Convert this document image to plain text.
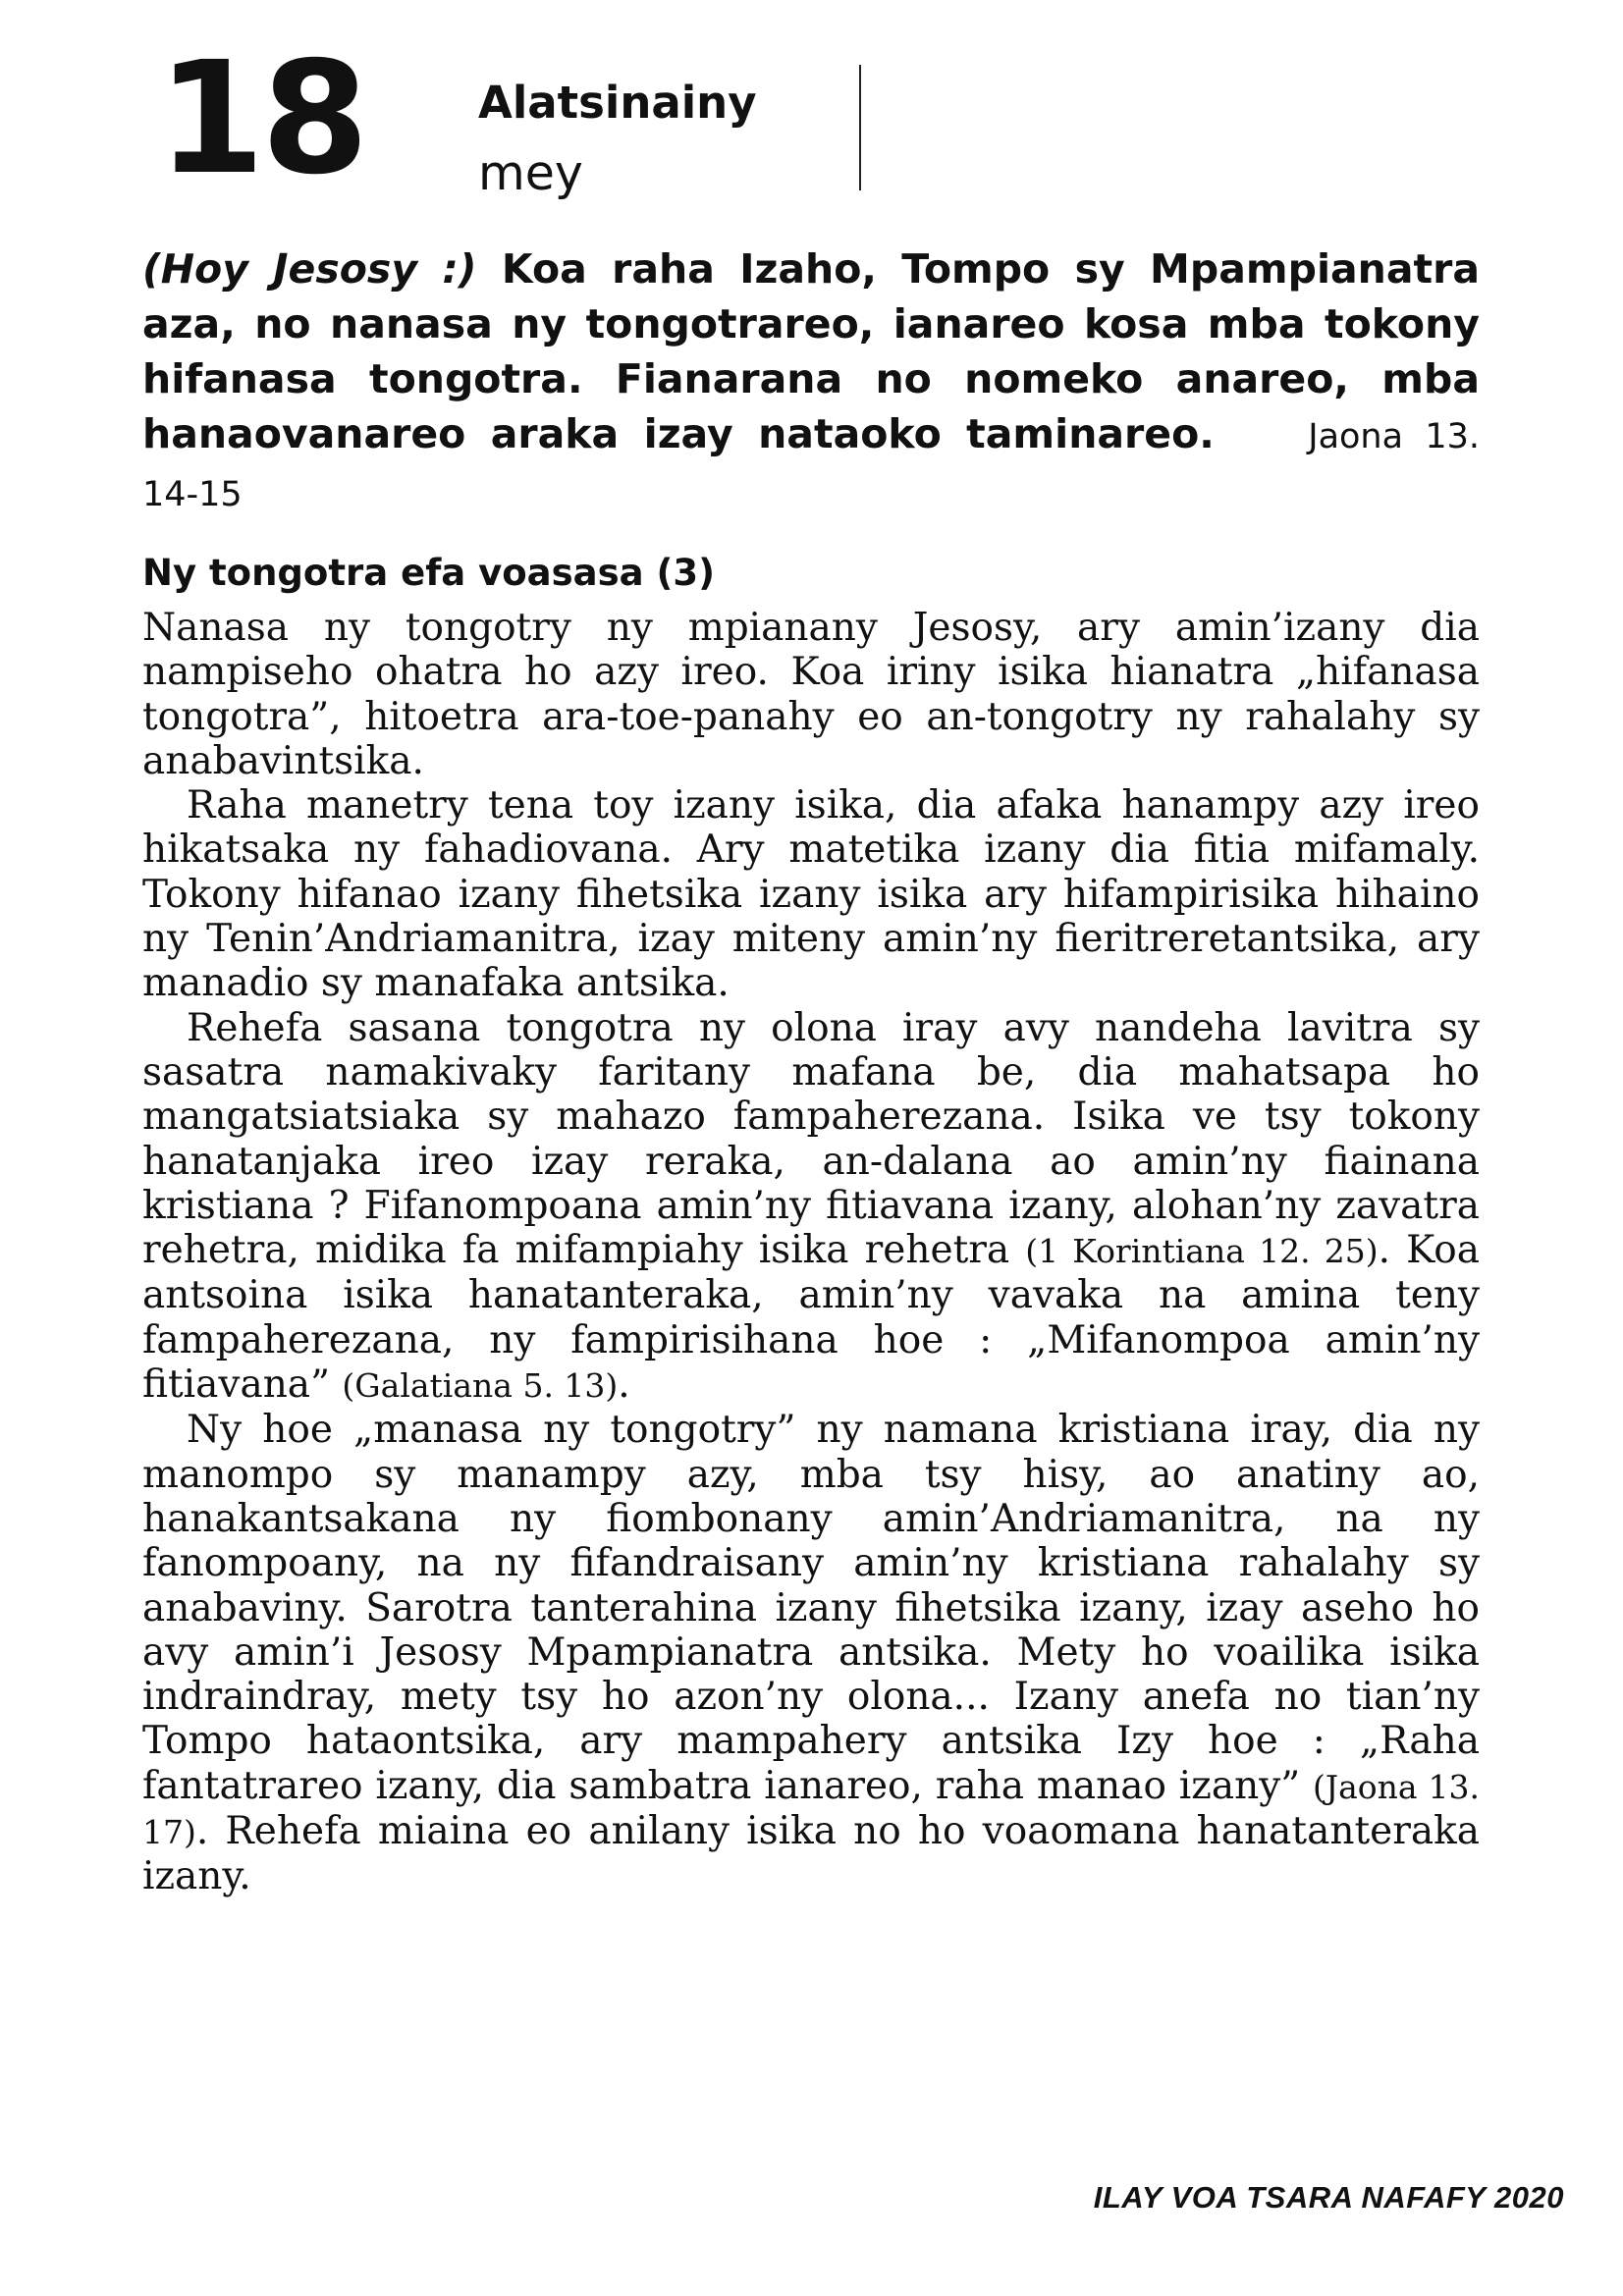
18	Alatsinainy
mey
(Hoy Jesosy :) Koa raha Izaho, Tompo sy Mpampianatra aza, no nanasa ny tongotrareo, ianareo kosa mba tokony hifanasa tongotra. Fianarana no nomeko anareo, mba hanaovanareo araka izay nataoko taminareo.	Jaona 13. 14-15
Ny tongotra efa voasasa (3)

Nanasa ny tongotry ny mpianany Jesosy, ary amin’izany dia nampiseho ohatra ho azy ireo. Koa iriny isika hianatra „hifanasa tongotra”, hitoetra ara-toe-panahy eo an-tongotry ny rahalahy sy anabavintsika.

Raha manetry tena toy izany isika, dia afaka hanampy azy ireo hikatsaka ny fahadiovana. Ary matetika izany dia fitia mifamaly. Tokony hifanao izany fihetsika izany isika ary hifampirisika hihaino ny Tenin’Andriamanitra, izay miteny amin’ny fieritreretantsika, ary manadio sy manafaka antsika.

Rehefa sasana tongotra ny olona iray avy nandeha lavitra sy sasatra namakivaky faritany mafana be, dia mahatsapa ho mangatsiatsiaka sy mahazo fampaherezana. Isika ve tsy tokony hanatanjaka ireo izay reraka, an-dalana ao amin’ny fiainana kristiana ? Fifanompoana amin’ny fitiavana izany, alohan’ny zavatra rehetra, midika fa mifampiahy isika rehetra (1 Korintiana 12. 25). Koa antsoina isika hanatanteraka, amin’ny vavaka na amina teny fampaherezana, ny fampirisihana hoe : „Mifanompoa amin’ny fitiavana” (Galatiana 5. 13).

Ny hoe „manasa ny tongotry” ny namana kristiana iray, dia ny manompo sy manampy azy, mba tsy hisy, ao anatiny ao, hanakantsakana ny fiombonany amin’Andriamanitra, na ny fanompoany, na ny fifandraisany amin’ny kristiana rahalahy sy anabaviny. Sarotra tanterahina izany fihetsika izany, izay aseho ho avy amin’i Jesosy Mpampianatra antsika. Mety ho voailika isika indraindray, mety tsy ho azon’ny olona... Izany anefa no tian’ny Tompo hataontsika, ary mampahery antsika Izy hoe : „Raha fantatrareo izany, dia sambatra ianareo, raha manao izany” (Jaona 13. 17). Rehefa miaina eo anilany isika no ho voaomana hanatanteraka izany.

ILAY VOA TSARA NAFAFY 2020
